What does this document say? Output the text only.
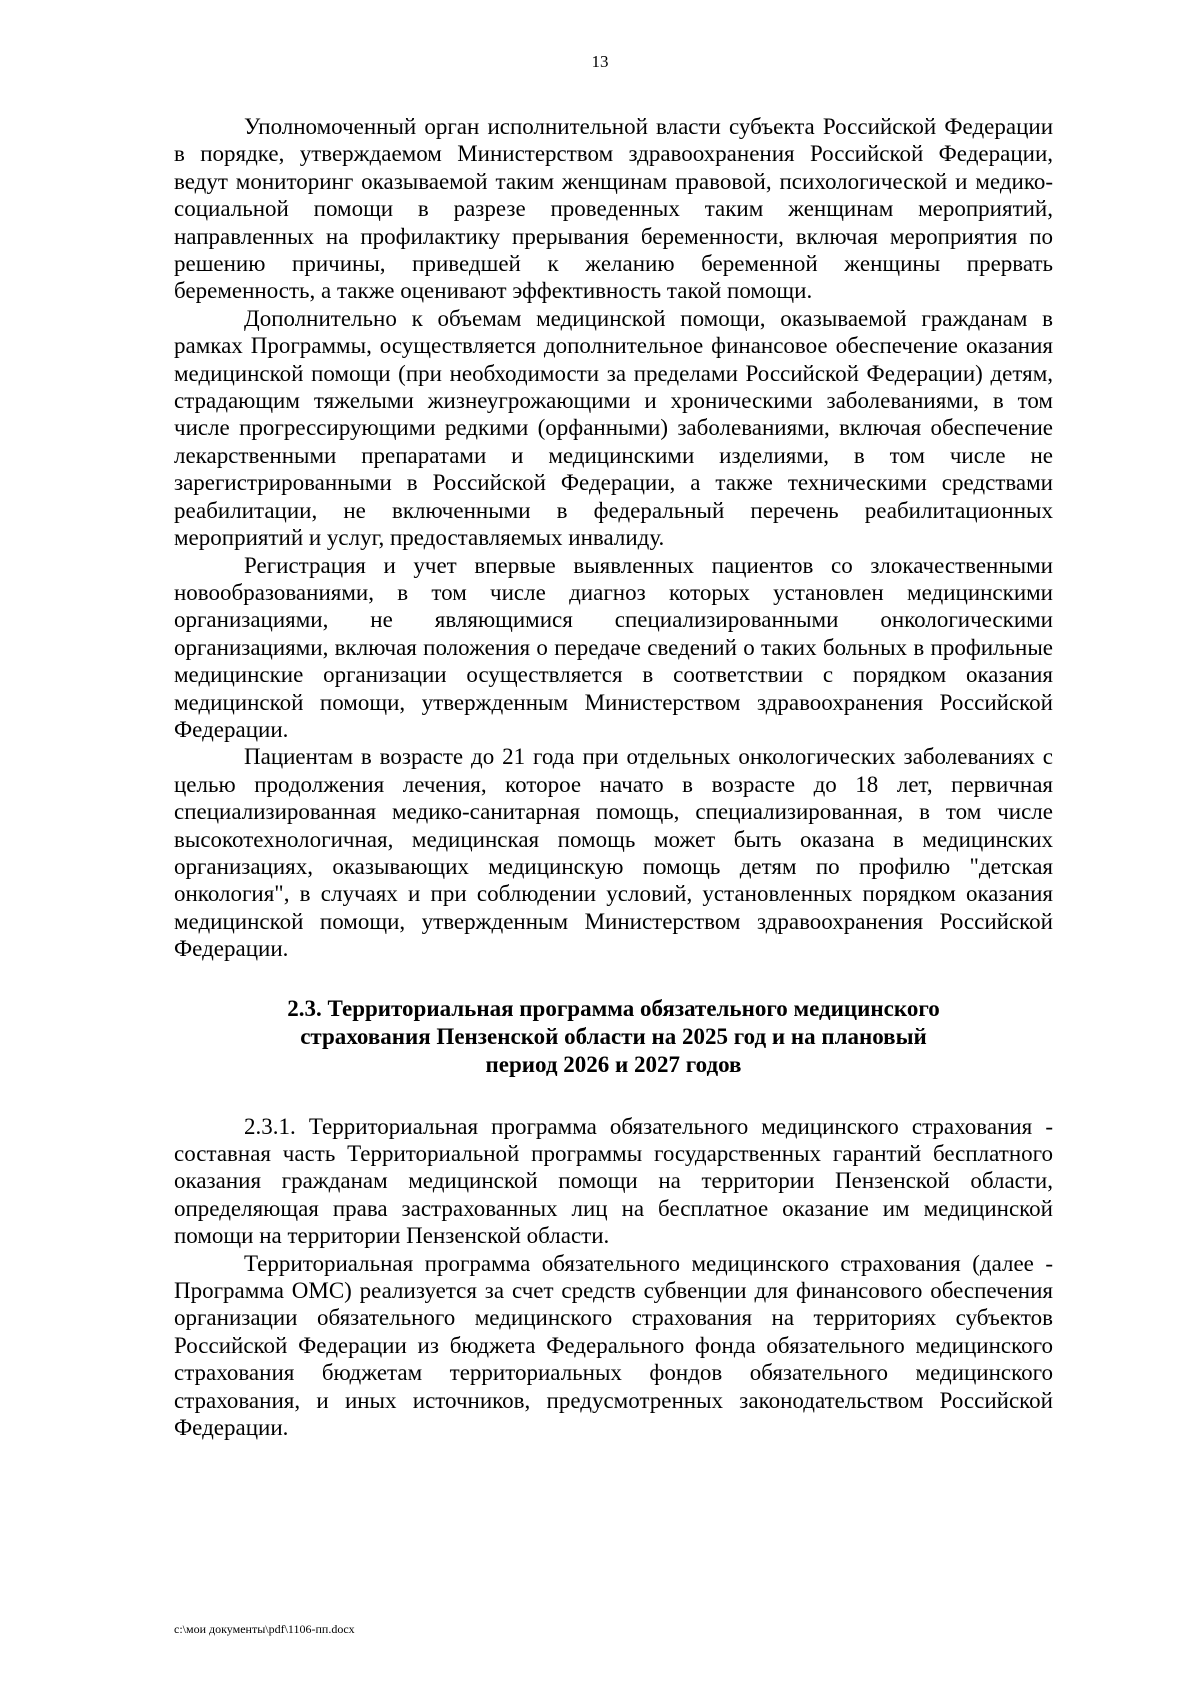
13

Уполномоченный орган исполнительной власти субъекта Российской Федерации в порядке, утверждаемом Министерством здравоохранения Российской Федерации, ведут мониторинг оказываемой таким женщинам правовой, психологической и медико-социальной помощи в разрезе проведенных таким женщинам мероприятий, направленных на профилактику прерывания беременности, включая мероприятия по решению причины, приведшей к желанию беременной женщины прервать беременность, а также оценивают эффективность такой помощи.

Дополнительно к объемам медицинской помощи, оказываемой гражданам в рамках Программы, осуществляется дополнительное финансовое обеспечение оказания медицинской помощи (при необходимости за пределами Российской Федерации) детям, страдающим тяжелыми жизнеугрожающими и хроническими заболеваниями, в том числе прогрессирующими редкими (орфанными) заболеваниями, включая обеспечение лекарственными препаратами и медицинскими изделиями, в том числе не зарегистрированными в Российской Федерации, а также техническими средствами реабилитации, не включенными в федеральный перечень реабилитационных мероприятий и услуг, предоставляемых инвалиду.

Регистрация и учет впервые выявленных пациентов со злокачественными новообразованиями, в том числе диагноз которых установлен медицинскими организациями, не являющимися специализированными онкологическими организациями, включая положения о передаче сведений о таких больных в профильные медицинские организации осуществляется в соответствии с порядком оказания медицинской помощи, утвержденным Министерством здравоохранения Российской Федерации.

Пациентам в возрасте до 21 года при отдельных онкологических заболеваниях с целью продолжения лечения, которое начато в возрасте до 18 лет, первичная специализированная медико-санитарная помощь, специализированная, в том числе высокотехнологичная, медицинская помощь может быть оказана в медицинских организациях, оказывающих медицинскую помощь детям по профилю "детская онкология", в случаях и при соблюдении условий, установленных порядком оказания медицинской помощи, утвержденным Министерством здравоохранения Российской Федерации.

2.3. Территориальная программа обязательного медицинского
страхования Пензенской области на 2025 год и на плановый
период 2026 и 2027 годов

2.3.1. Территориальная программа обязательного медицинского страхования - составная часть Территориальной программы государственных гарантий бесплатного оказания гражданам медицинской помощи на территории Пензенской области, определяющая права застрахованных лиц на бесплатное оказание им медицинской помощи на территории Пензенской области.

Территориальная программа обязательного медицинского страхования (далее - Программа ОМС) реализуется за счет средств субвенции для финансового обеспечения организации обязательного медицинского страхования на территориях субъектов Российской Федерации из бюджета Федерального фонда обязательного медицинского страхования бюджетам территориальных фондов обязательного медицинского страхования, и иных источников, предусмотренных законодательством Российской Федерации.

c:\мои документы\pdf\1106-пп.docx
